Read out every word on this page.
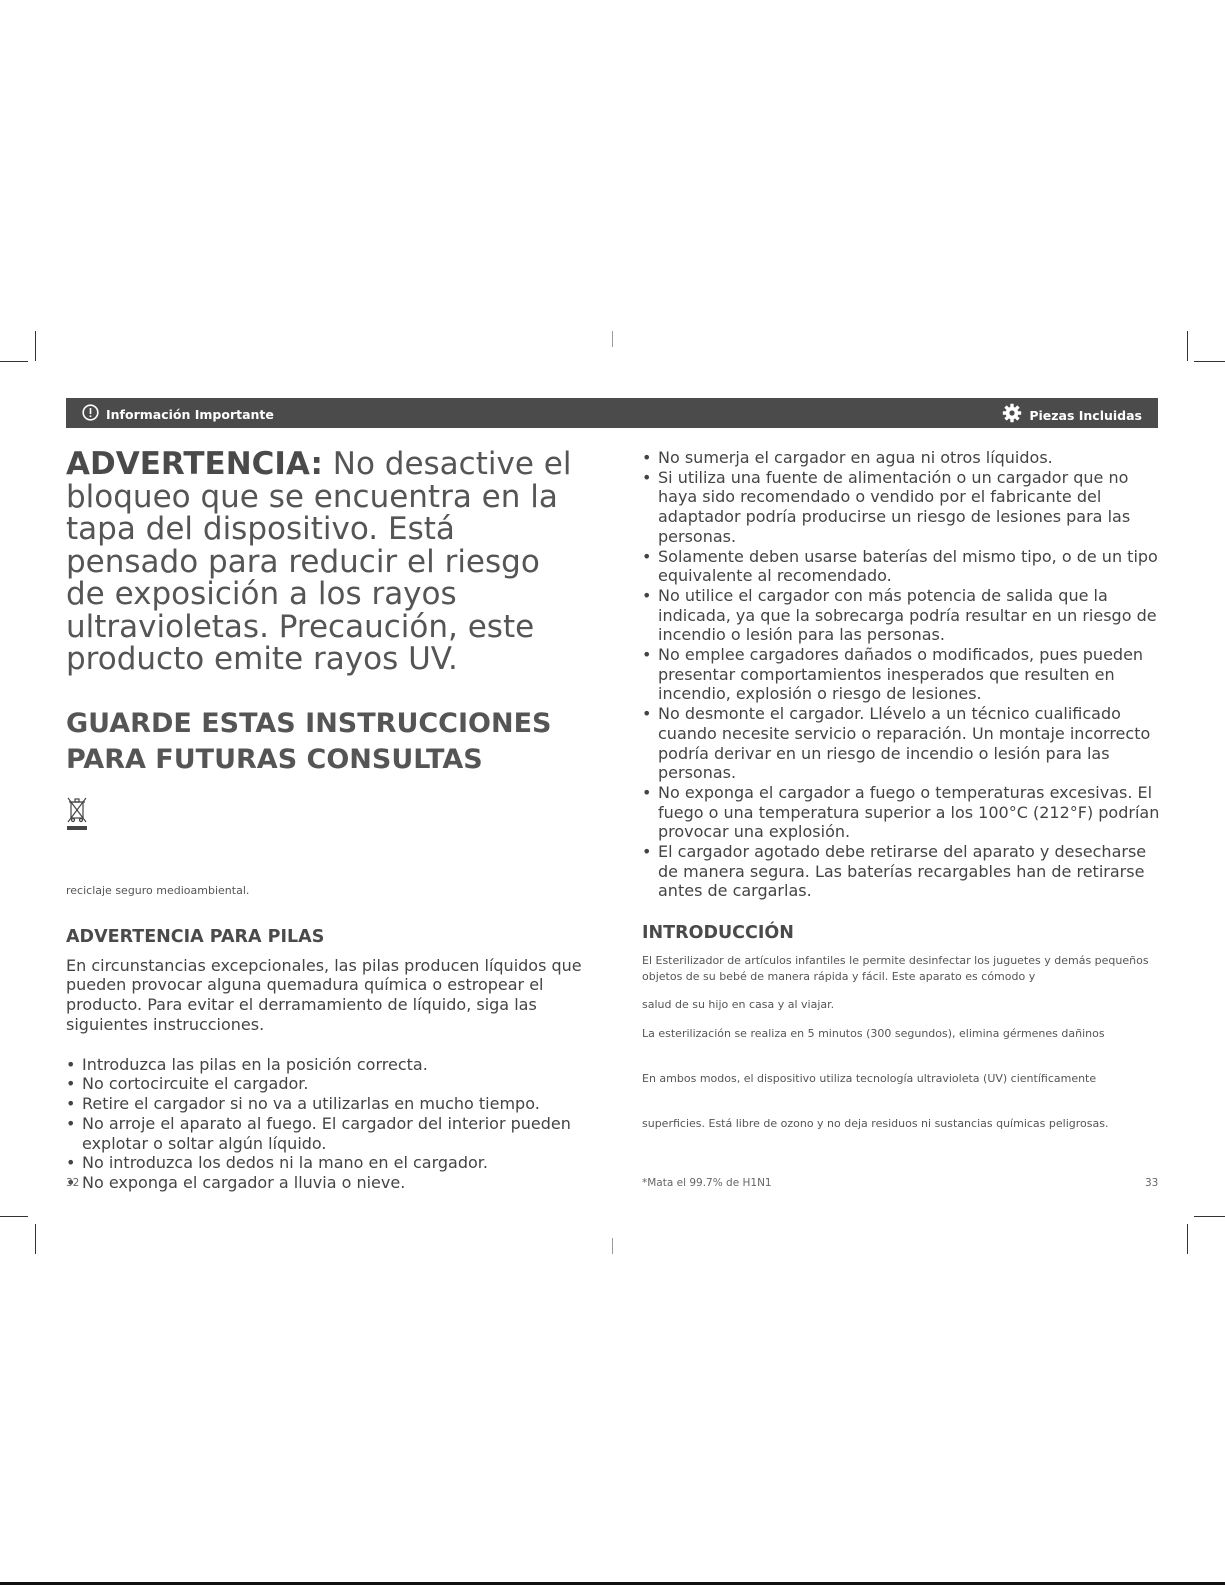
Información Importante	Piezas Incluidas

ADVERTENCIA: No desactive el bloqueo que se encuentra en la tapa del dispositivo. Está pensado para reducir el riesgo de exposición a los rayos ultravioletas. Precaución, este producto emite rayos UV.

GUARDE ESTAS INSTRUCCIONES
PARA FUTURAS CONSULTAS

reciclaje seguro medioambiental.

ADVERTENCIA PARA PILAS

En circunstancias excepcionales, las pilas producen líquidos que pueden provocar alguna quemadura química o estropear el producto. Para evitar el derramamiento de líquido, siga las siguientes instrucciones.

• Introduzca las pilas en la posición correcta.
• No cortocircuite el cargador.
• Retire el cargador si no va a utilizarlas en mucho tiempo.
• No arroje el aparato al fuego. El cargador del interior pueden explotar o soltar algún líquido.
• No introduzca los dedos ni la mano en el cargador.
• No exponga el cargador a lluvia o nieve.
32
• No sumerja el cargador en agua ni otros líquidos.
• Si utiliza una fuente de alimentación o un cargador que no haya sido recomendado o vendido por el fabricante del adaptador podría producirse un riesgo de lesiones para las personas.
• Solamente deben usarse baterías del mismo tipo, o de un tipo equivalente al recomendado.
• No utilice el cargador con más potencia de salida que la indicada, ya que la sobrecarga podría resultar en un riesgo de incendio o lesión para las personas.
• No emplee cargadores dañados o modificados, pues pueden presentar comportamientos inesperados que resulten en incendio, explosión o riesgo de lesiones.
• No desmonte el cargador. Llévelo a un técnico cualificado cuando necesite servicio o reparación. Un montaje incorrecto podría derivar en un riesgo de incendio o lesión para las personas.
• No exponga el cargador a fuego o temperaturas excesivas. El fuego o una temperatura superior a los 100°C (212°F) podrían provocar una explosión.
• El cargador agotado debe retirarse del aparato y desecharse de manera segura. Las baterías recargables han de retirarse antes de cargarlas.
INTRODUCCIÓN

El Esterilizador de artículos infantiles le permite desinfectar los juguetes y demás pequeños objetos de su bebé de manera rápida y fácil. Este aparato es cómodo y

salud de su hijo en casa y al viajar.

La esterilización se realiza en 5 minutos (300 segundos), elimina gérmenes dañinos

En ambos modos, el dispositivo utiliza tecnología ultravioleta (UV) científicamente

superficies. Está libre de ozono y no deja residuos ni sustancias químicas peligrosas.

*Mata el 99.7% de H1N1	33
